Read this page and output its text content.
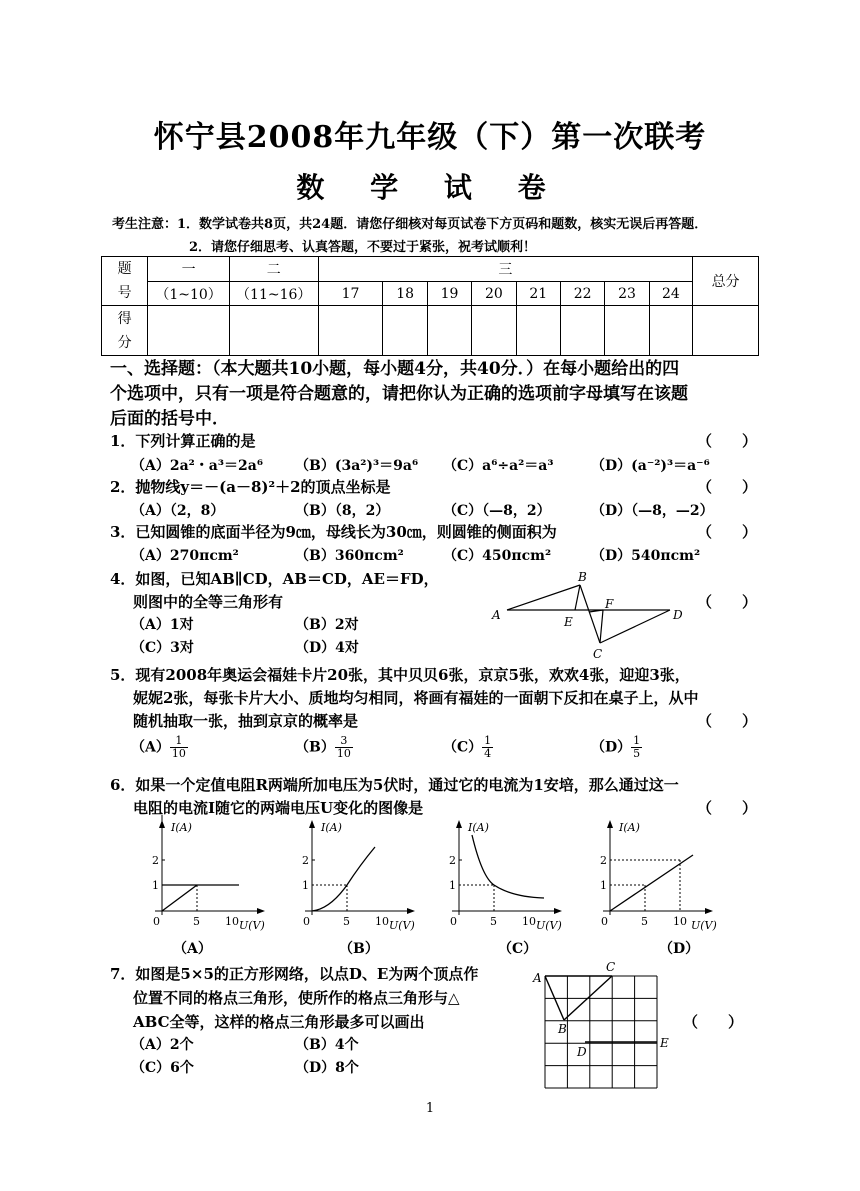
怀宁县2008年九年级（下）第一次联考
数 学 试 卷
考生注意：1．数学试卷共8页，共24题．请您仔细核对每页试卷下方页码和题数，核实无误后再答题．
2．请您仔细思考、认真答题，不要过于紧张，祝考试顺利！
题号	一	二	三								总分
	（1~10）	（11~16）	17	18	19	20	21	22	23	24	
得分											
一、选择题：（本大题共10小题，每小题4分，共40分．）在每小题给出的四
个选项中，只有一项是符合题意的，请把你认为正确的选项前字母填写在该题
后面的括号中．
1．下列计算正确的是	（　　）
（A）2a²・a³＝2a⁶ （B）(3a²)³＝9a⁶ （C）a⁶÷a²＝a³	（D）(a⁻²)³＝a⁻⁶
2．抛物线y＝－(a－8)²＋2的顶点坐标是	（　　）
（A）（2，8）	（B）（8，2）	（C）（—8，2）	（D）（—8，—2）
3．已知圆锥的底面半径为9㎝，母线长为30㎝，则圆锥的侧面积为	（　　）
（A）270πcm²	（B）360πcm²	（C）450πcm²	（D）540πcm²
4．如图，已知AB∥CD，AB＝CD，AE＝FD，
则图中的全等三角形有	（　　）
（A）1对	（B）2对
（C）3对	（D）4对
A
B
C
D
E
F
5．现有2008年奥运会福娃卡片20张，其中贝贝6张，京京5张，欢欢4张，迎迎3张，
妮妮2张，每张卡片大小、质地均匀相同，将画有福娃的一面朝下反扣在桌子上，从中
随机抽取一张，抽到京京的概率是	（　　）
$(A) \frac{1}{10}$	$(B) \frac{3}{10}$	$(C) \frac{1}{4}$	$(D) \frac{1}{5}$
6．如果一个定值电阻R两端所加电压为5伏时，通过它的电流为1安培，那么通过这一
电阻的电流I随它的两端电压U变化的图像是	（　　）
I(A)
2
1
0	5 10 U(V)
（A）
I(A)
2
1
0	5 10 U(V)
（B）
I(A)
2
1
0	5 10 U(V)
（C）
I(A)
2
1
0	5 10 U(V)
（D）
7．如图是5×5的正方形网络，以点D、E为两个顶点作
位置不同的格点三角形，使所作的格点三角形与△
ABC全等，这样的格点三角形最多可以画出	（　　）
（A）2个	（B）4个
（C）6个	（D）8个
A
B
C
D
E
1
